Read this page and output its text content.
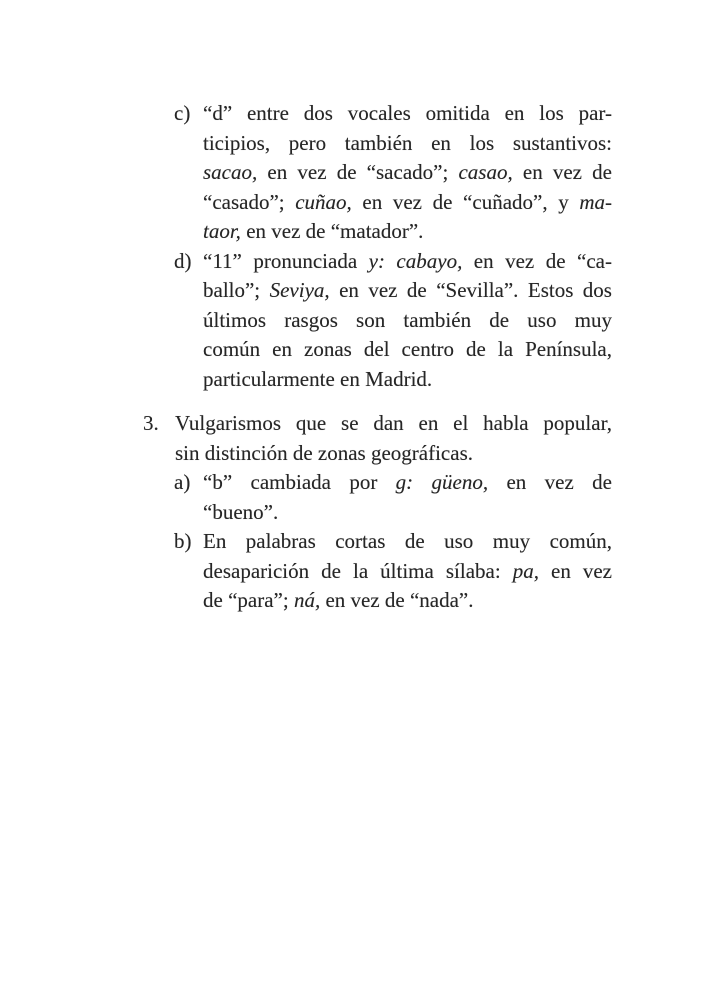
c) “d” entre dos vocales omitida en los par-
ticipios, pero también en los sustantivos:
sacao, en vez de “sacado”; casao, en vez de
“casado”; cuñao, en vez de “cuñado”, y ma-
taor, en vez de “matador”.
d) “11” pronunciada y: cabayo, en vez de “ca-
ballo”; Seviya, en vez de “Sevilla”. Estos dos
últimos rasgos son también de uso muy
común en zonas del centro de la Península,
particularmente en Madrid.
3. Vulgarismos que se dan en el habla popular,
sin distinción de zonas geográficas.
a) “b” cambiada por g: güeno, en vez de
“bueno”.
b) En palabras cortas de uso muy común,
desaparición de la última sílaba: pa, en vez
de “para”; ná, en vez de “nada”.
